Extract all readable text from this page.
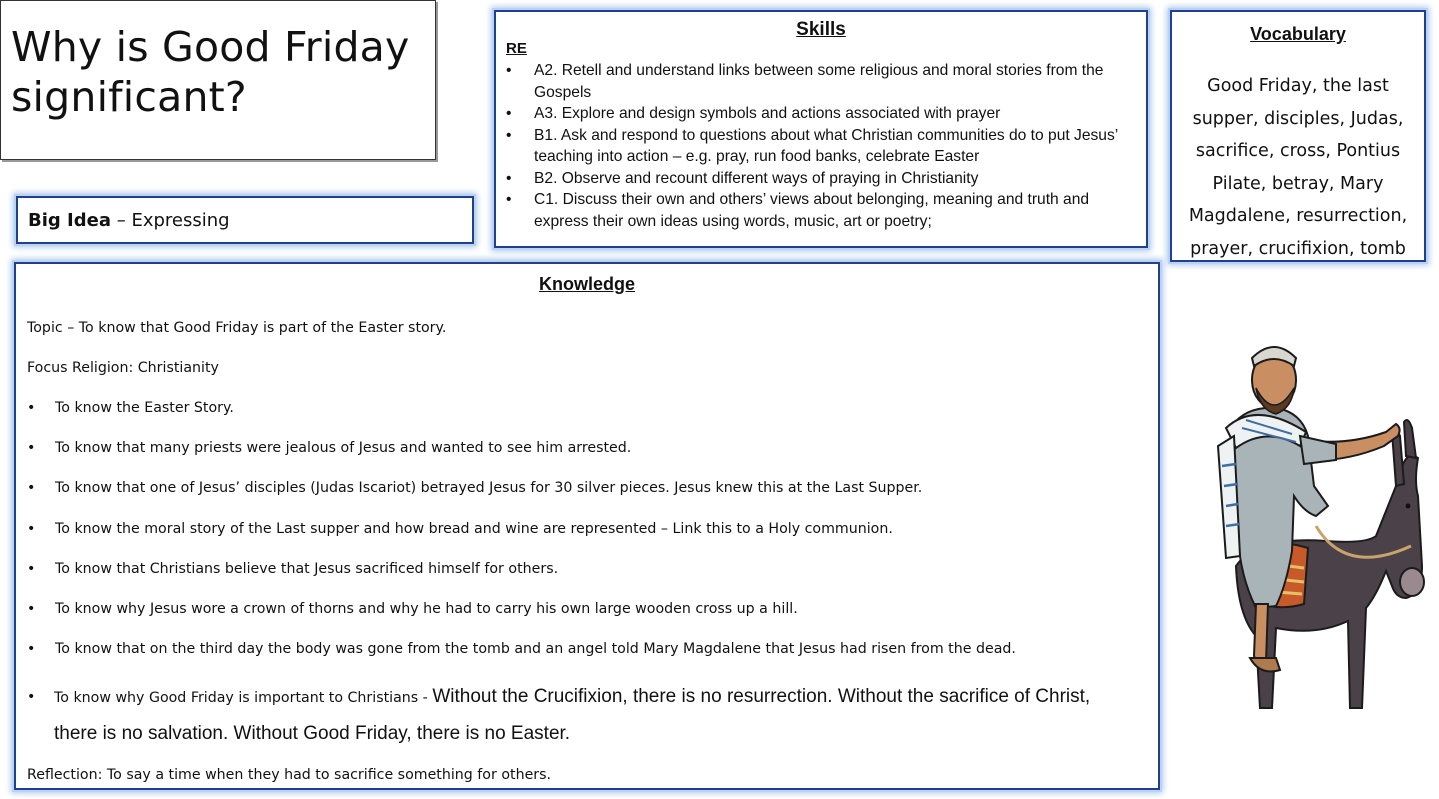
Why is Good Friday significant?
Big Idea – Expressing
Skills
RE
• A2. Retell and understand links between some religious and moral stories from the Gospels
• A3. Explore and design symbols and actions associated with prayer
• B1. Ask and respond to questions about what Christian communities do to put Jesus’ teaching into action – e.g. pray, run food banks, celebrate Easter
• B2. Observe and recount different ways of praying in Christianity
• C1. Discuss their own and others’ views about belonging, meaning and truth and express their own ideas using words, music, art or poetry;
Vocabulary
Good Friday, the last supper, disciples, Judas, sacrifice, cross, Pontius Pilate, betray, Mary Magdalene, resurrection, prayer, crucifixion, tomb
Knowledge
Topic – To know that Good Friday is part of the Easter story.
Focus Religion: Christianity
• To know the Easter Story.
• To know that many priests were jealous of Jesus and wanted to see him arrested.
• To know that one of Jesus’ disciples (Judas Iscariot) betrayed Jesus for 30 silver pieces. Jesus knew this at the Last Supper.
• To know the moral story of the Last supper and how bread and wine are represented – Link this to a Holy communion.
• To know that Christians believe that Jesus sacrificed himself for others.
• To know why Jesus wore a crown of thorns and why he had to carry his own large wooden cross up a hill.
• To know that on the third day the body was gone from the tomb and an angel told Mary Magdalene that Jesus had risen from the dead.
• To know why Good Friday is important to Christians - Without the Crucifixion, there is no resurrection. Without the sacrifice of Christ, there is no salvation. Without Good Friday, there is no Easter.
Reflection: To say a time when they had to sacrifice something for others.
